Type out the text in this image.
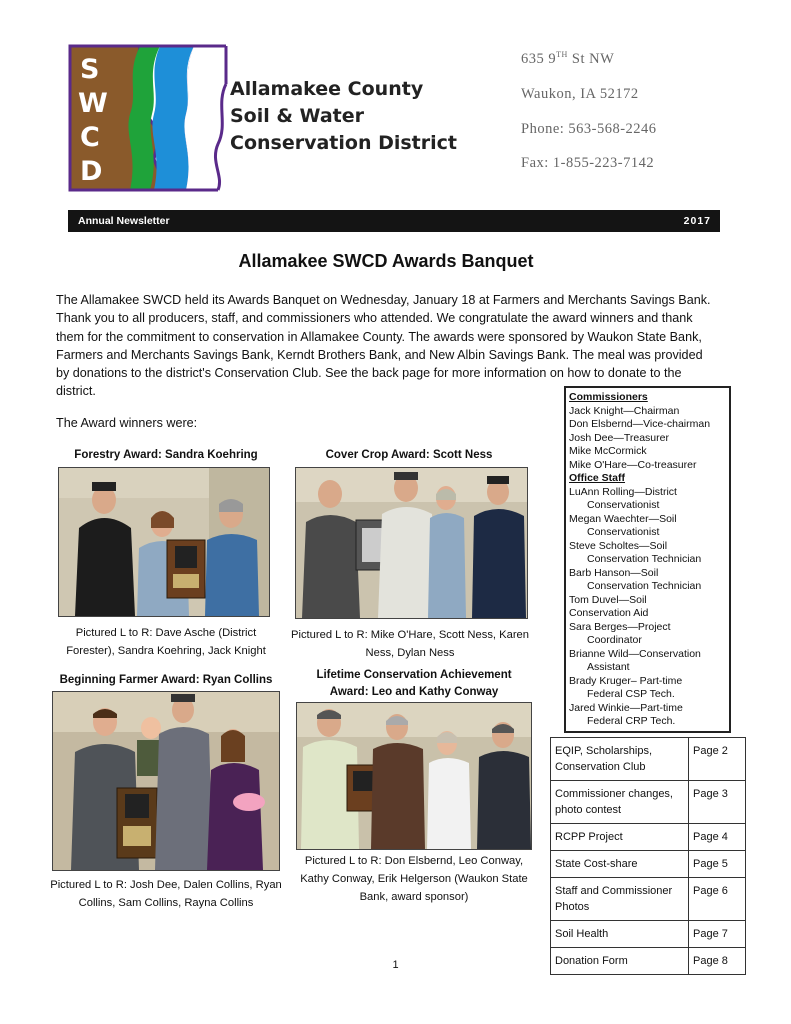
S
W
C
D
Allamakee County
Soil & Water
Conservation District
635 9TH St NW
Waukon, IA 52172
Phone: 563-568-2246
Fax: 1-855-223-7142
Annual Newsletter	2017
Allamakee SWCD Awards Banquet
The Allamakee SWCD held its Awards Banquet on Wednesday, January 18 at Farmers and Merchants Savings Bank. Thank you to all producers, staff, and commissioners who attended. We congratulate the award winners and thank them for the commitment to conservation in Allamakee County. The awards were sponsored by Waukon State Bank, Farmers and Merchants Savings Bank, Kerndt Brothers Bank, and New Albin Savings Bank. The meal was provided by donations to the district's Conservation Club. See the back page for more information on how to donate to the district.
The Award winners were:
Forestry Award: Sandra Koehring
Pictured L to R: Dave Asche (District Forester), Sandra Koehring, Jack Knight
Cover Crop Award: Scott Ness
Pictured L to R: Mike O'Hare, Scott Ness, Karen Ness, Dylan Ness
Beginning Farmer Award: Ryan Collins
Pictured L to R: Josh Dee, Dalen Collins, Ryan Collins, Sam Collins, Rayna Collins
Lifetime Conservation Achievement
Award: Leo and Kathy Conway
Pictured L to R: Don Elsbernd, Leo Conway, Kathy Conway, Erik Helgerson (Waukon State Bank, award sponsor)
Commissioners
Jack Knight—Chairman
Don Elsbernd—Vice-chairman
Josh Dee—Treasurer
Mike McCormick
Mike O'Hare—Co-treasurer
Office Staff
LuAnn Rolling—District
Conservationist
Megan Waechter—Soil
Conservationist
Steve Scholtes—Soil
Conservation Technician
Barb Hanson—Soil
Conservation Technician
Tom Duvel—Soil
Conservation Aid
Sara Berges—Project
Coordinator
Brianne Wild—Conservation
Assistant
Brady Kruger– Part-time
Federal CSP Tech.
Jared Winkie—Part-time
Federal CRP Tech.
EQIP, Scholarships, Conservation Club	Page 2
Commissioner changes, photo contest	Page 3
RCPP Project	Page 4
State Cost-share	Page 5
Staff and Commissioner Photos	Page 6
Soil Health	Page 7
Donation Form	Page 8
1
